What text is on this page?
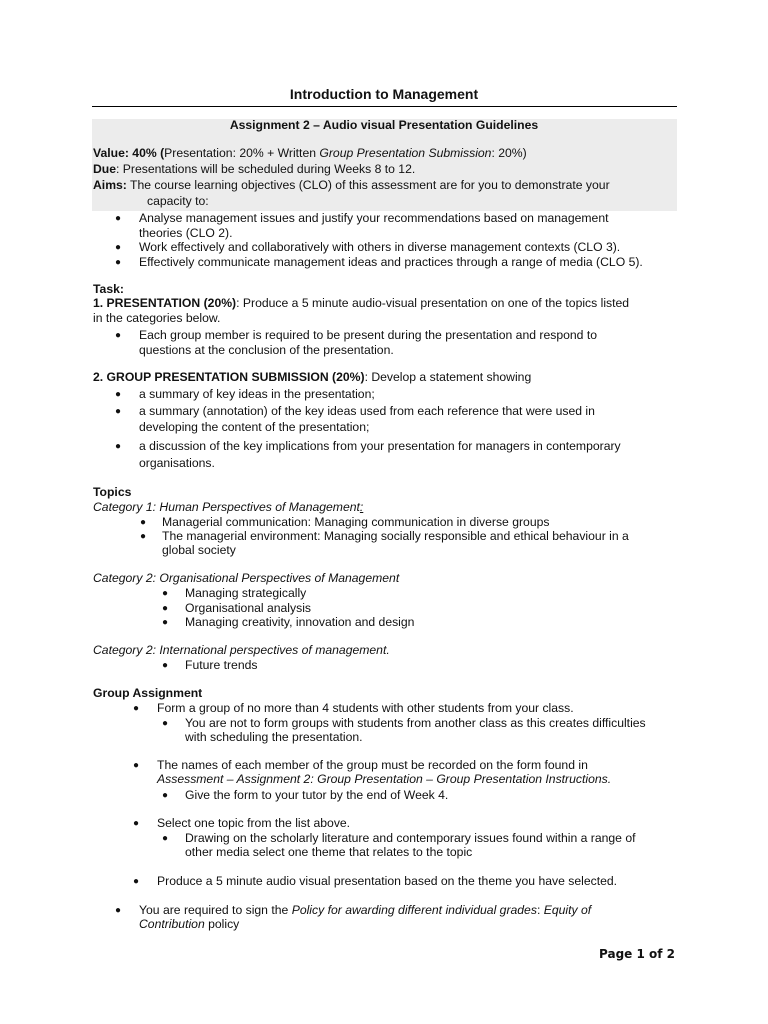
Introduction to Management
Assignment 2 – Audio visual Presentation Guidelines
Value: 40% (Presentation: 20% + Written Group Presentation Submission: 20%)
Due: Presentations will be scheduled during Weeks 8 to 12.
Aims: The course learning objectives (CLO) of this assessment are for you to demonstrate your
capacity to:
● Analyse management issues and justify your recommendations based on management
theories (CLO 2).
● Work effectively and collaboratively with others in diverse management contexts (CLO 3).
● Effectively communicate management ideas and practices through a range of media (CLO 5).
Task:
1. PRESENTATION (20%): Produce a 5 minute audio-visual presentation on one of the topics listed
in the categories below.
● Each group member is required to be present during the presentation and respond to
questions at the conclusion of the presentation.
2. GROUP PRESENTATION SUBMISSION (20%): Develop a statement showing
● a summary of key ideas in the presentation;
● a summary (annotation) of the key ideas used from each reference that were used in
developing the content of the presentation;
● a discussion of the key implications from your presentation for managers in contemporary
organisations.
Topics
Category 1: Human Perspectives of Management:
● Managerial communication: Managing communication in diverse groups
● The managerial environment: Managing socially responsible and ethical behaviour in a
global society
Category 2: Organisational Perspectives of Management
● Managing strategically
● Organisational analysis
● Managing creativity, innovation and design
Category 2: International perspectives of management.
● Future trends
Group Assignment
● Form a group of no more than 4 students with other students from your class.
● You are not to form groups with students from another class as this creates difficulties
with scheduling the presentation.
● The names of each member of the group must be recorded on the form found in
Assessment – Assignment 2: Group Presentation – Group Presentation Instructions.
● Give the form to your tutor by the end of Week 4.
● Select one topic from the list above.
● Drawing on the scholarly literature and contemporary issues found within a range of
other media select one theme that relates to the topic
● Produce a 5 minute audio visual presentation based on the theme you have selected.
● You are required to sign the Policy for awarding different individual grades: Equity of
Contribution policy
Page 1 of 2
